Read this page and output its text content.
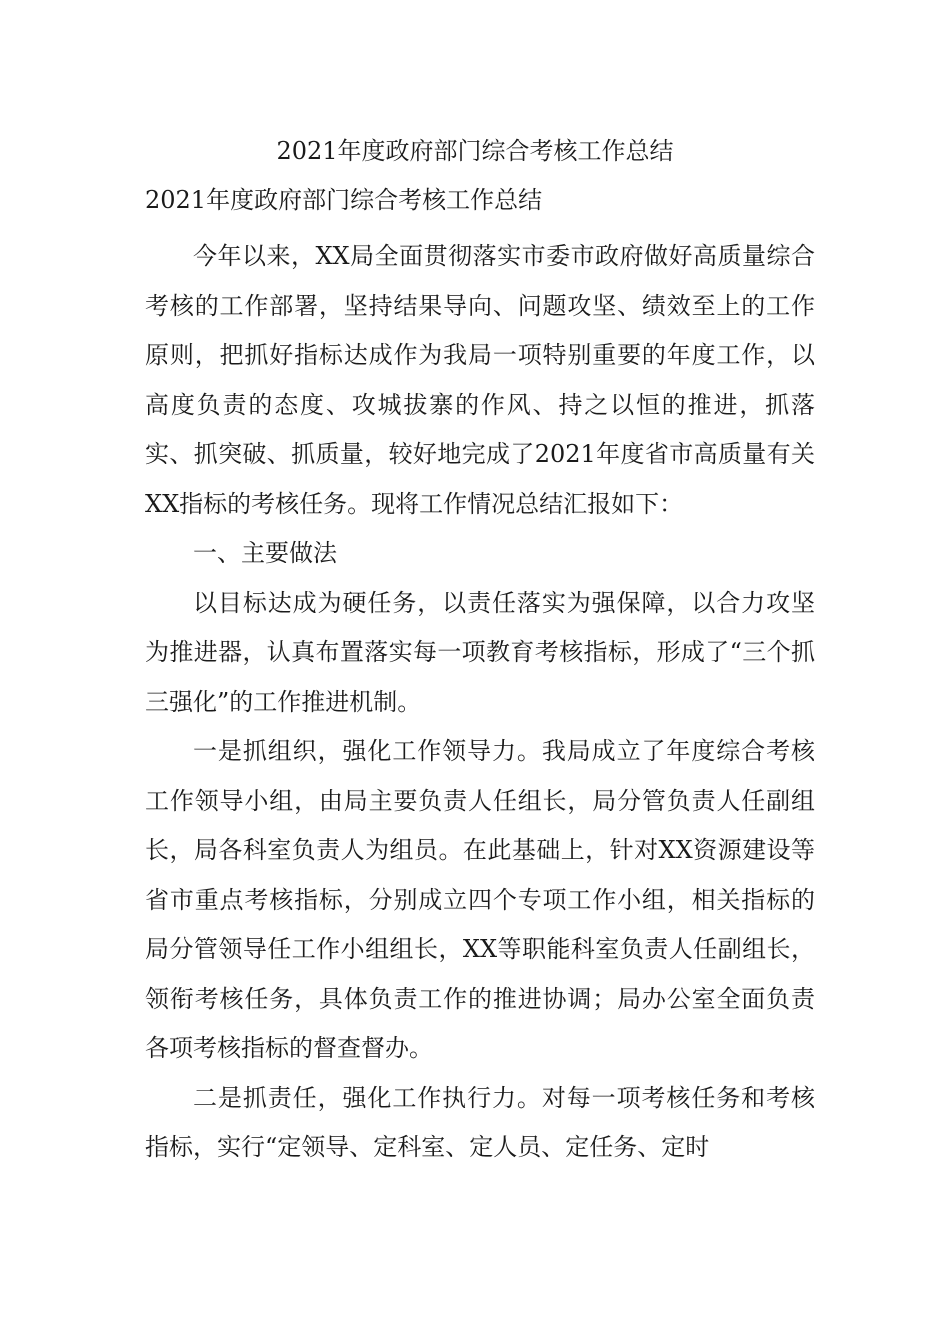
2021年度政府部门综合考核工作总结
2021年度政府部门综合考核工作总结

今年以来，XX局全面贯彻落实市委市政府做好高质量综合考核的工作部署，坚持结果导向、问题攻坚、绩效至上的工作原则，把抓好指标达成作为我局一项特别重要的年度工作，以高度负责的态度、攻城拔寨的作风、持之以恒的推进，抓落实、抓突破、抓质量，较好地完成了2021年度省市高质量有关XX指标的考核任务。现将工作情况总结汇报如下：

一、主要做法

以目标达成为硬任务，以责任落实为强保障，以合力攻坚为推进器，认真布置落实每一项教育考核指标，形成了“三个抓三强化”的工作推进机制。

一是抓组织，强化工作领导力。我局成立了年度综合考核工作领导小组，由局主要负责人任组长，局分管负责人任副组长，局各科室负责人为组员。在此基础上，针对XX资源建设等省市重点考核指标，分别成立四个专项工作小组，相关指标的局分管领导任工作小组组长，XX等职能科室负责人任副组长，领衔考核任务，具体负责工作的推进协调；局办公室全面负责各项考核指标的督查督办。

二是抓责任，强化工作执行力。对每一项考核任务和考核指标，实行“定领导、定科室、定人员、定任务、定时
